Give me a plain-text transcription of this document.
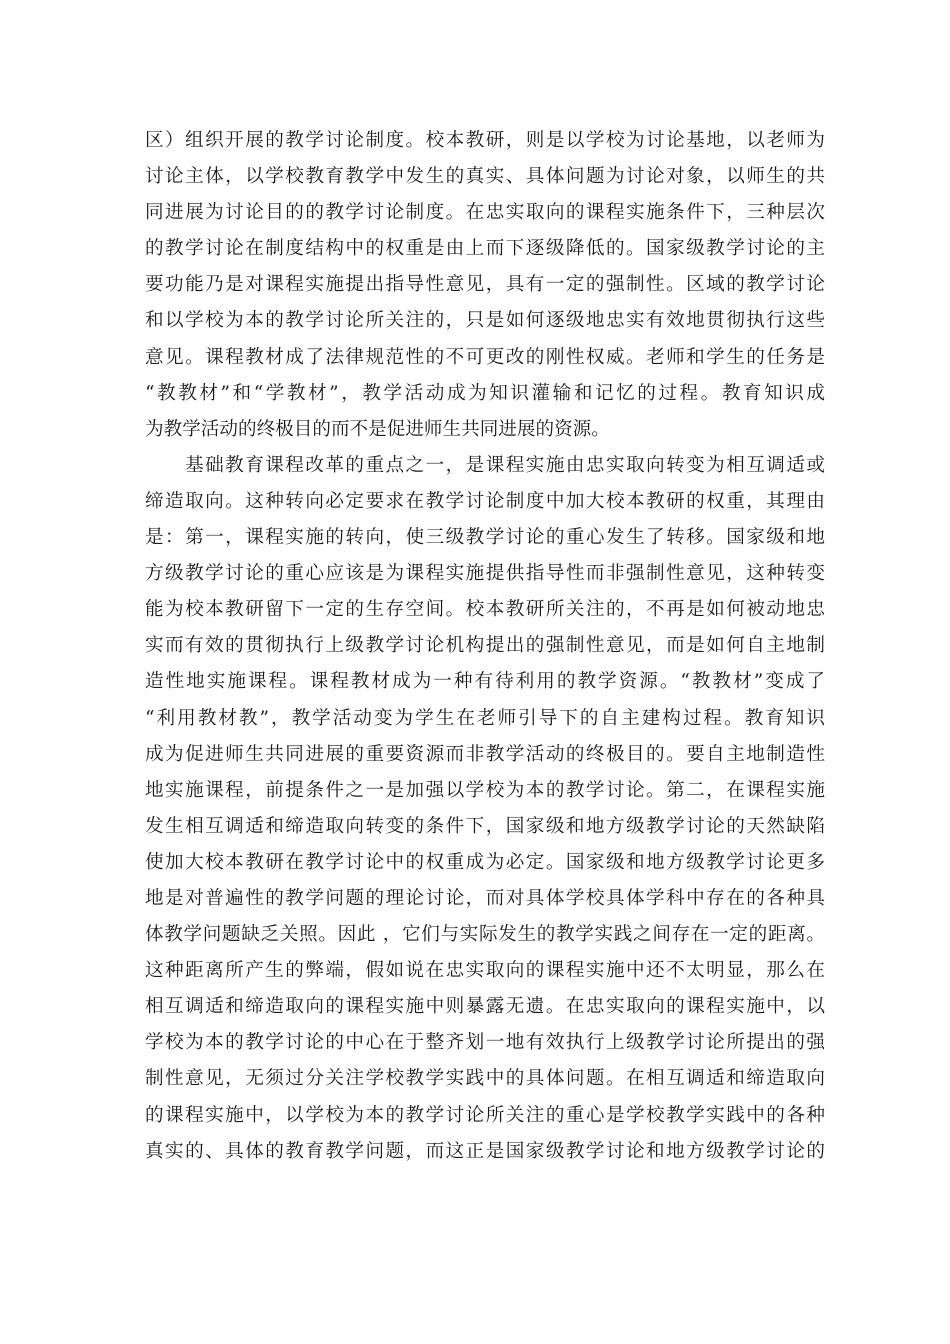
区）组织开展的教学讨论制度。校本教研，则是以学校为讨论基地，以老师为
讨论主体，以学校教育教学中发生的真实、具体问题为讨论对象，以师生的共
同进展为讨论目的的教学讨论制度。在忠实取向的课程实施条件下，三种层次
的教学讨论在制度结构中的权重是由上而下逐级降低的。国家级教学讨论的主
要功能乃是对课程实施提出指导性意见，具有一定的强制性。区域的教学讨论
和以学校为本的教学讨论所关注的，只是如何逐级地忠实有效地贯彻执行这些
意见。课程教材成了法律规范性的不可更改的刚性权威。老师和学生的任务是
“教教材”和“学教材”，教学活动成为知识灌输和记忆的过程。教育知识成
为教学活动的终极目的而不是促进师生共同进展的资源。
　　基础教育课程改革的重点之一，是课程实施由忠实取向转变为相互调适或
缔造取向。这种转向必定要求在教学讨论制度中加大校本教研的权重，其理由
是：第一，课程实施的转向，使三级教学讨论的重心发生了转移。国家级和地
方级教学讨论的重心应该是为课程实施提供指导性而非强制性意见，这种转变
能为校本教研留下一定的生存空间。校本教研所关注的，不再是如何被动地忠
实而有效的贯彻执行上级教学讨论机构提出的强制性意见，而是如何自主地制
造性地实施课程。课程教材成为一种有待利用的教学资源。“教教材”变成了
“利用教材教”，教学活动变为学生在老师引导下的自主建构过程。教育知识
成为促进师生共同进展的重要资源而非教学活动的终极目的。要自主地制造性
地实施课程，前提条件之一是加强以学校为本的教学讨论。第二，在课程实施
发生相互调适和缔造取向转变的条件下，国家级和地方级教学讨论的天然缺陷
使加大校本教研在教学讨论中的权重成为必定。国家级和地方级教学讨论更多
地是对普遍性的教学问题的理论讨论，而对具体学校具体学科中存在的各种具
体教学问题缺乏关照。因此 ，它们与实际发生的教学实践之间存在一定的距离。
这种距离所产生的弊端，假如说在忠实取向的课程实施中还不太明显，那么在
相互调适和缔造取向的课程实施中则暴露无遗。在忠实取向的课程实施中，以
学校为本的教学讨论的中心在于整齐划一地有效执行上级教学讨论所提出的强
制性意见，无须过分关注学校教学实践中的具体问题。在相互调适和缔造取向
的课程实施中，以学校为本的教学讨论所关注的重心是学校教学实践中的各种
真实的、具体的教育教学问题，而这正是国家级教学讨论和地方级教学讨论的
